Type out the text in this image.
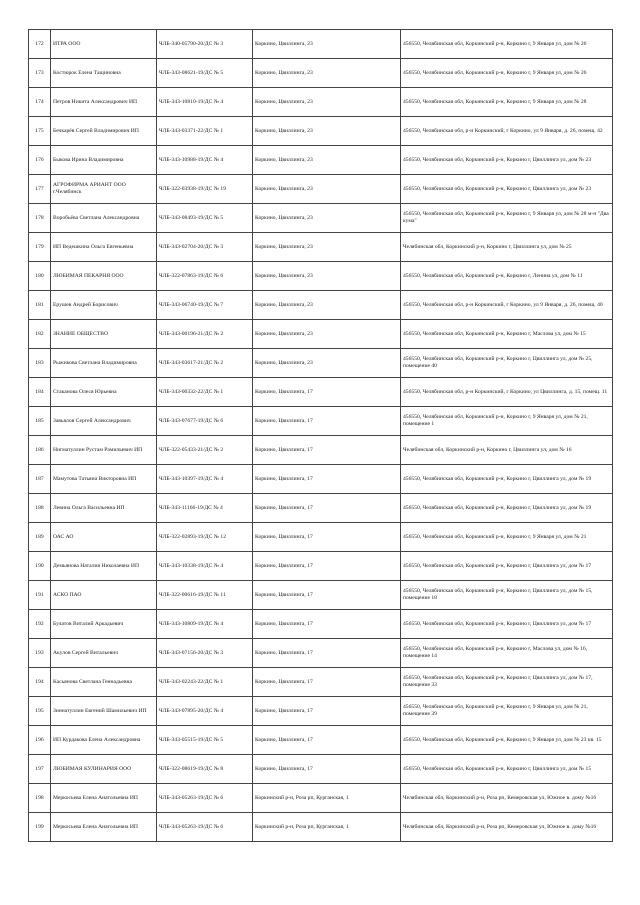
172	ИТРА ООО	ЧЛБ-340-05790-20/ДС № 3	Коркино, Цвиллинга, 23	456550, Челябинская обл, Коркинский р-н, Коркино г, 9 Января ул, дом № 26
173	Костюрок Елена Тащиновна	ЧЛБ-343-08621-19/ДС № 5	Коркино, Цвиллинга, 23	456550, Челябинская обл, Коркинский р-н, Коркино г, 9 Января ул, дом № 26
174	Петров Никита Александрович ИП	ЧЛБ-343-10810-19/ДС № 4	Коркино, Цвиллинга, 23	456550, Челябинская обл, Коркинский р-н, Коркино г, 9 Января ул, дом № 28
175	Бечкарёв Сергей Владимирович ИП	ЧЛБ-343-03371-22/ДС № 1	Коркино, Цвиллинга, 23	456550, Челябинская обл, р-н Коркинский, г Коркино, ул 9 Января, д. 26, помещ. 42
176	Быкова Ирина Владимировна	ЧЛБ-343-10988-19/ДС № 4	Коркино, Цвиллинга, 23	456550, Челябинская обл, Коркинский р-н, Коркино г, Цвиллинга ул, дом № 23
177	АГРОФИРМА АРИАНТ ООО г.Челябинск	ЧЛБ-322-03938-19/ДС № 19	Коркино, Цвиллинга, 23	456550, Челябинская обл, Коркинский р-н, Коркино г, Цвиллинга ул, дом № 23
178	Воробьёва Светлана Александровна	ЧЛБ-343-08493-19/ДС № 5	Коркино, Цвиллинга, 23	456550, Челябинская обл, Коркинский р-н, Коркино г, 9 Января ул, дом № 28 м-н "Два кума"
179	ИП Ведешкина Ольга Евгеньевна	ЧЛБ-343-02704-20/ДС № 3	Коркино, Цвиллинга, 23	Челябинская обл, Коркинский р-н, Коркино г, Цвиллинга ул, дом № 25
180	ЛЮБИМАЯ ПЕКАРНЯ ООО	ЧЛБ-322-07863-19/ДС № 6	Коркино, Цвиллинга, 23	456550, Челябинская обл, Коркинский р-н, Коркино г, Ленина ул, дом № 11
181	Ерушев Андрей Борисович	ЧЛБ-343-06740-19/ДС № 7	Коркино, Цвиллинга, 23	456550, Челябинская обл, р-н Коркинский, г Коркино, ул 9 Января, д. 26, помещ. 40
182	ЗНАНИЕ ОБЩЕСТВО	ЧЛБ-343-00196-21/ДС № 2	Коркино, Цвиллинга, 23	456550, Челябинская обл, Коркинский р-н, Коркино г, Маслова ул, дом № 15
183	Рыжикова Светлана Владимировна	ЧЛБ-343-03617-21/ДС № 2	Коркино, Цвиллинга, 23	456550, Челябинская обл, Коркинский р-н, Коркино г, Цвиллинга ул, дом № 25, помещение 40
184	Стаканова Олеся Юрьевна	ЧЛБ-343-00332-22/ДС № 1	Коркино, Цвиллинга, 17	456550, Челябинская обл, р-н Коркинский, г Коркино, ул Цвиллинга, д. 15, помещ. 11
185	Завьялов Сергей Александрович	ЧЛБ-343-07677-19/ДС № 6	Коркино, Цвиллинга, 17	456550, Челябинская обл, Коркинский р-н, Коркино г, 9 Января ул, дом № 21, помещение 1
186	Нигматуллин Рустам Рамильевич ИП	ЧЛБ-322-05433-21/ДС № 2	Коркино, Цвиллинга, 17	Челябинская обл, Коркинский р-н, Коркино г, Цвиллинга ул, дом № 16
187	Мамутова Татьяна Викторовна ИП	ЧЛБ-343-10397-19/ДС № 4	Коркино, Цвиллинга, 17	456550, Челябинская обл, Коркинский р-н, Коркино г, Цвиллинга ул, дом № 19
188	Левина Ольга Васильевна ИП	ЧЛБ-343-11166-19/ДС № 4	Коркино, Цвиллинга, 17	456550, Челябинская обл, Коркинский р-н, Коркино г, Цвиллинга ул, дом № 19
189	ОАС АО	ЧЛБ-322-02893-19/ДС № 12	Коркино, Цвиллинга, 17	456550, Челябинская обл, Коркинский р-н, Коркино г, 9 Января ул, дом № 21
190	Демьянова Наталия Николаевна ИП	ЧЛБ-343-10338-19/ДС № 4	Коркино, Цвиллинга, 17	456550, Челябинская обл, Коркинский р-н, Коркино г, Цвиллинга ул, дом № 17
191	АСКО ПАО	ЧЛБ-322-00616-19/ДС № 11	Коркино, Цвиллинга, 17	456550, Челябинская обл, Коркинский р-н, Коркино г, Цвиллинга ул, дом № 15, помещение 18
192	Булатов Виталий Аркадьевич	ЧЛБ-343-10809-19/ДС № 4	Коркино, Цвиллинга, 17	456550, Челябинская обл, Коркинский р-н, Коркино г, Цвиллинга ул, дом № 17
193	Акулов Сергей Витальевич	ЧЛБ-343-07156-20/ДС № 3	Коркино, Цвиллинга, 17	456550, Челябинская обл, Коркинский р-н, Коркино г, Маслова ул, дом № 16, помещение 14
194	Касьянова Светлана Геннадьевна	ЧЛБ-343-02243-22/ДС № 1	Коркино, Цвиллинга, 17	456550, Челябинская обл, Коркинский р-н, Коркино г, Цвиллинга ул, дом № 17, помещение 33
195	Зиннатуллин Евгений Шамильевич ИП	ЧЛБ-343-07895-20/ДС № 4	Коркино, Цвиллинга, 17	456550, Челябинская обл, Коркинский р-н, Коркино г, 9 Января ул, дом № 21, помещение 39
196	ИП Курдакова Елена Александровна	ЧЛБ-343-05515-19/ДС № 5	Коркино, Цвиллинга, 17	456550, Челябинская обл, Коркинский р-н, Коркино г, 9 Января ул, дом № 23 кв. 15
197	ЛЮБИМАЯ КУЛИНАРИЯ ООО	ЧЛБ-322-08619-19/ДС № 8	Коркино, Цвиллинга, 17	456550, Челябинская обл, Коркинский р-н, Коркино г, Цвиллинга ул, дом № 15
198	Меркосьева Елена Анатольевна ИП	ЧЛБ-343-05263-19/ДС № 6	Коркинский р-н, Роза рп, Курганская, 1	Челябинская обл, Коркинский р-н, Роза рп, Кемеровская ул, Южное в. дому №16
199	Меркосьева Елена Анатольевна ИП	ЧЛБ-343-05263-19/ДС № 6	Коркинский р-н, Роза рп, Курганская, 1	Челябинская обл, Коркинский р-н, Роза рп, Кемеровская ул, Южное в. дому №16
